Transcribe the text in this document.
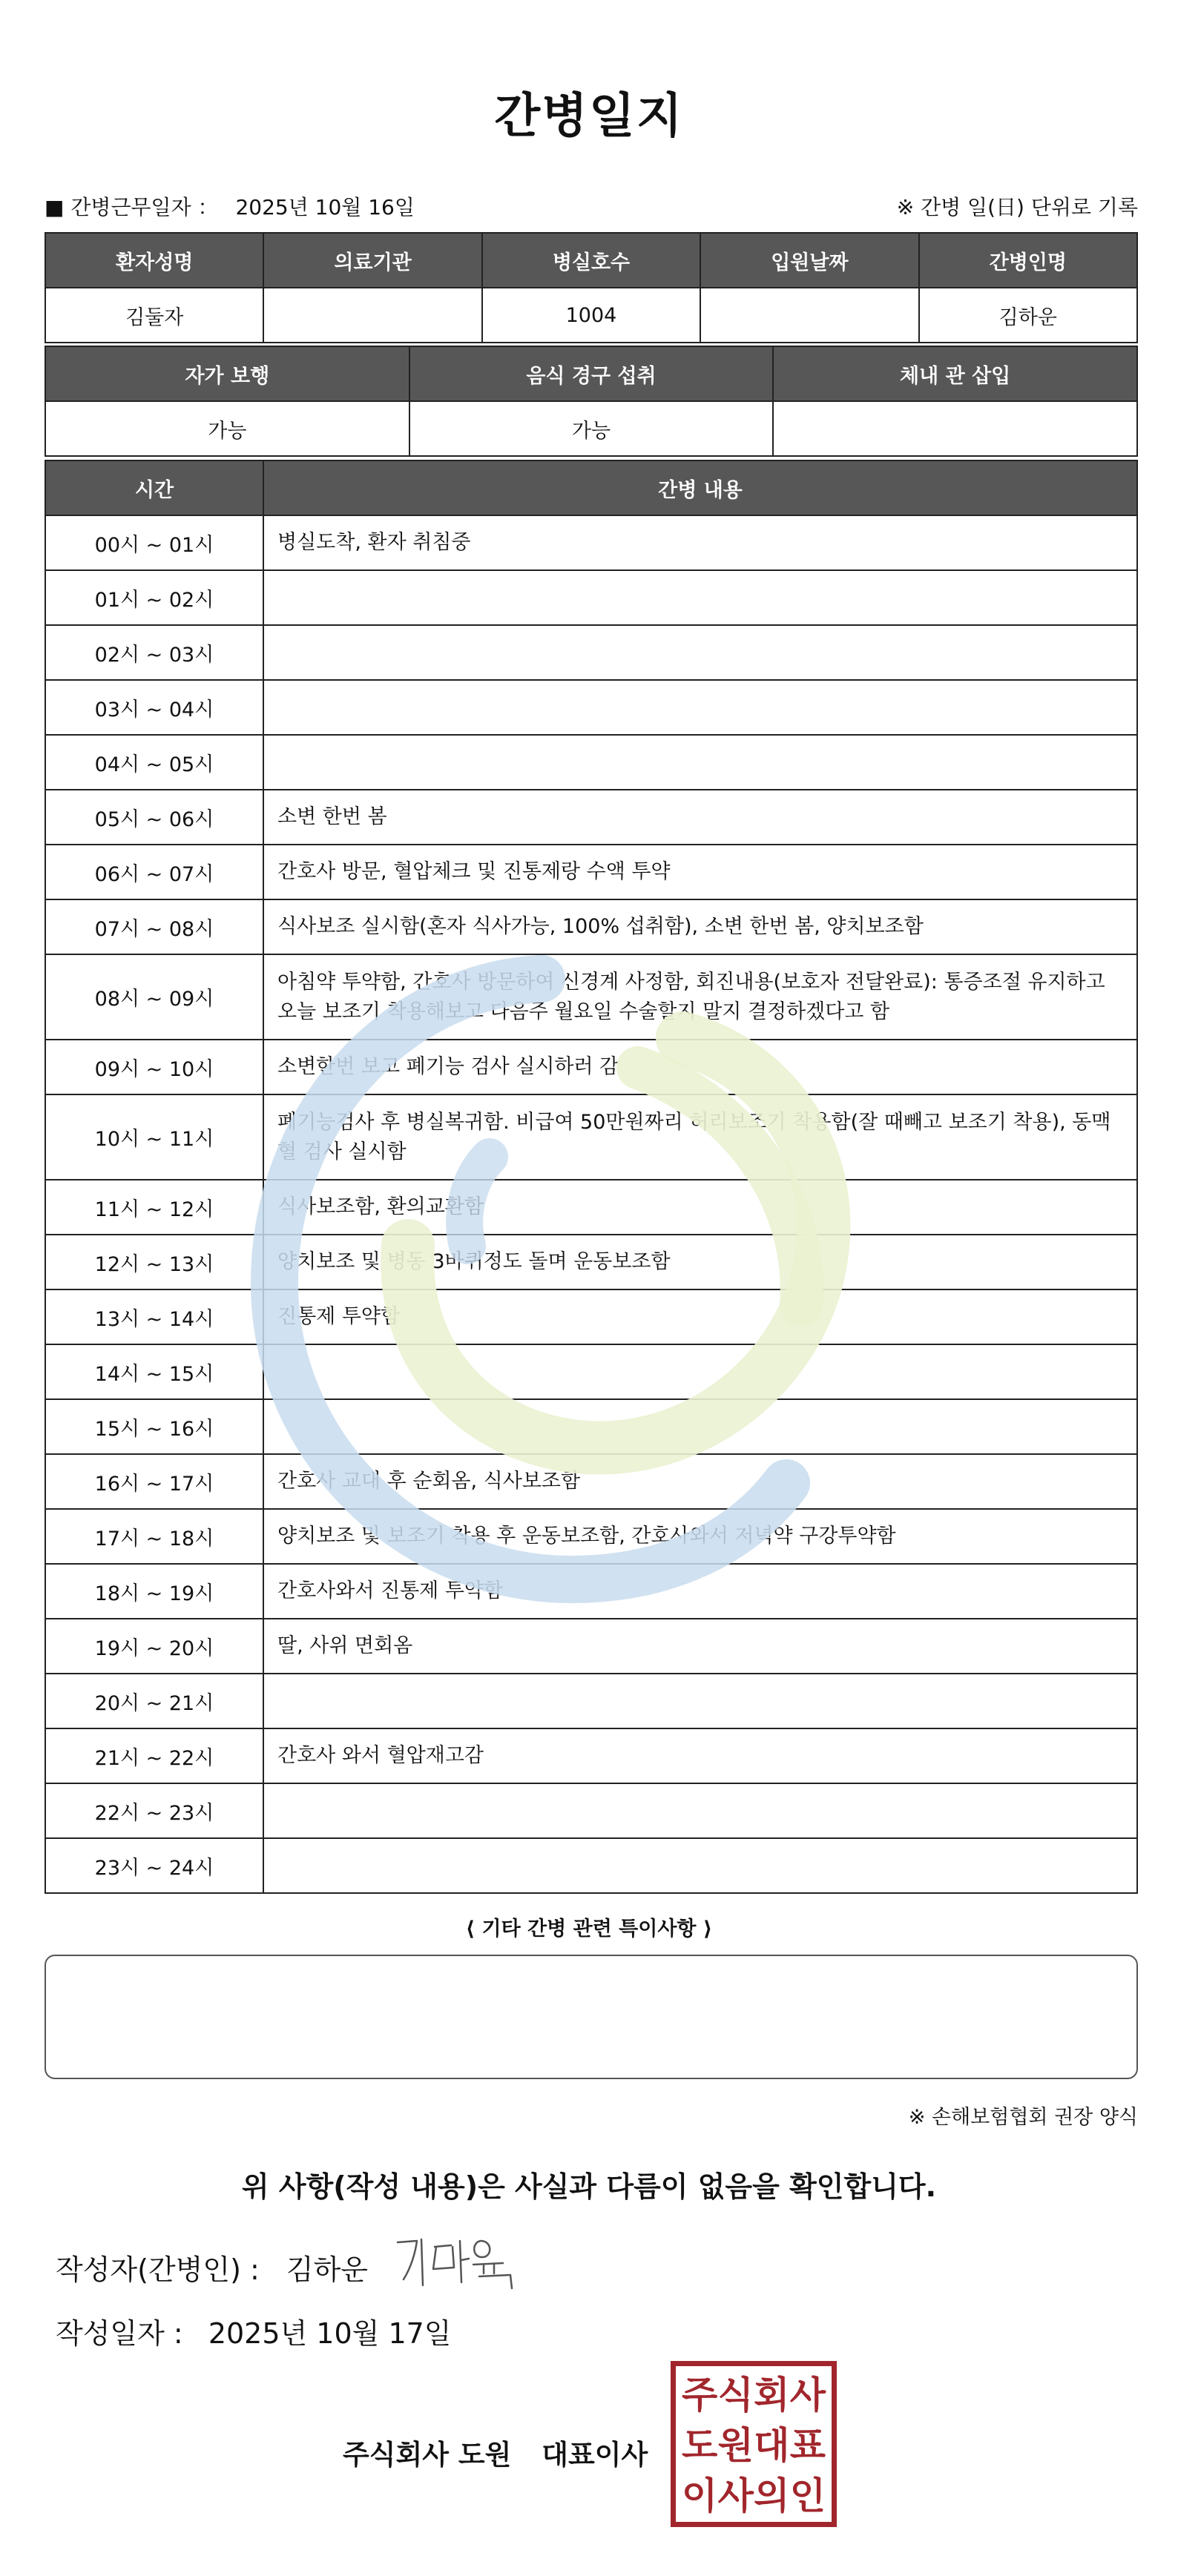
간병일지
■ 간병근무일자 ： 2025년 10월 16일	※ 간병 일(日) 단위로 기록
환자성명	의료기관	병실호수	입원날짜	간병인명
김둘자		1004		김하운
자가 보행	음식 경구 섭취	체내 관 삽입
가능	가능	
시간	간병 내용
00시 ~ 01시	병실도착, 환자 취침중
01시 ~ 02시	
02시 ~ 03시	
03시 ~ 04시	
04시 ~ 05시	
05시 ~ 06시	소변 한번 봄
06시 ~ 07시	간호사 방문, 혈압체크 및 진통제랑 수액 투약
07시 ~ 08시	식사보조 실시함(혼자 식사가능, 100% 섭취함), 소변 한번 봄, 양치보조함
08시 ~ 09시	아침약 투약함, 간호사 방문하여 신경계 사정함, 회진내용(보호자 전달완료): 통증조절 유지하고 오늘 보조기 착용해보고 다음주 월요일 수술할지 말지 결정하겠다고 함
09시 ~ 10시	소변한번 보고 폐기능 검사 실시하러 감
10시 ~ 11시	폐기능검사 후 병실복귀함. 비급여 50만원짜리 허리보조기 착용함(잘 때빼고 보조기 착용), 동맥혈 검사 실시함
11시 ~ 12시	식사보조함, 환의교환함
12시 ~ 13시	양치보조 및 병동 3바퀴정도 돌며 운동보조함
13시 ~ 14시	진통제 투약함
14시 ~ 15시	
15시 ~ 16시	
16시 ~ 17시	간호사 교대 후 순회옴, 식사보조함
17시 ~ 18시	양치보조 및 보조기 착용 후 운동보조함, 간호사와서 저녁약 구강투약함
18시 ~ 19시	간호사와서 진통제 투약함
19시 ~ 20시	딸, 사위 면회옴
20시 ~ 21시	
21시 ~ 22시	간호사 와서 혈압재고감
22시 ~ 23시	
23시 ~ 24시	
⟨ 기타 간병 관련 특이사항 ⟩
※ 손해보험협회 권장 양식
위 사항(작성 내용)은 사실과 다름이 없음을 확인합니다.
작성자(간병인) : 김하운
작성일자 : 2025년 10월 17일
주식회사 도원 대표이사
주 식 회 사
도 원 대 표
이 사 의 인
